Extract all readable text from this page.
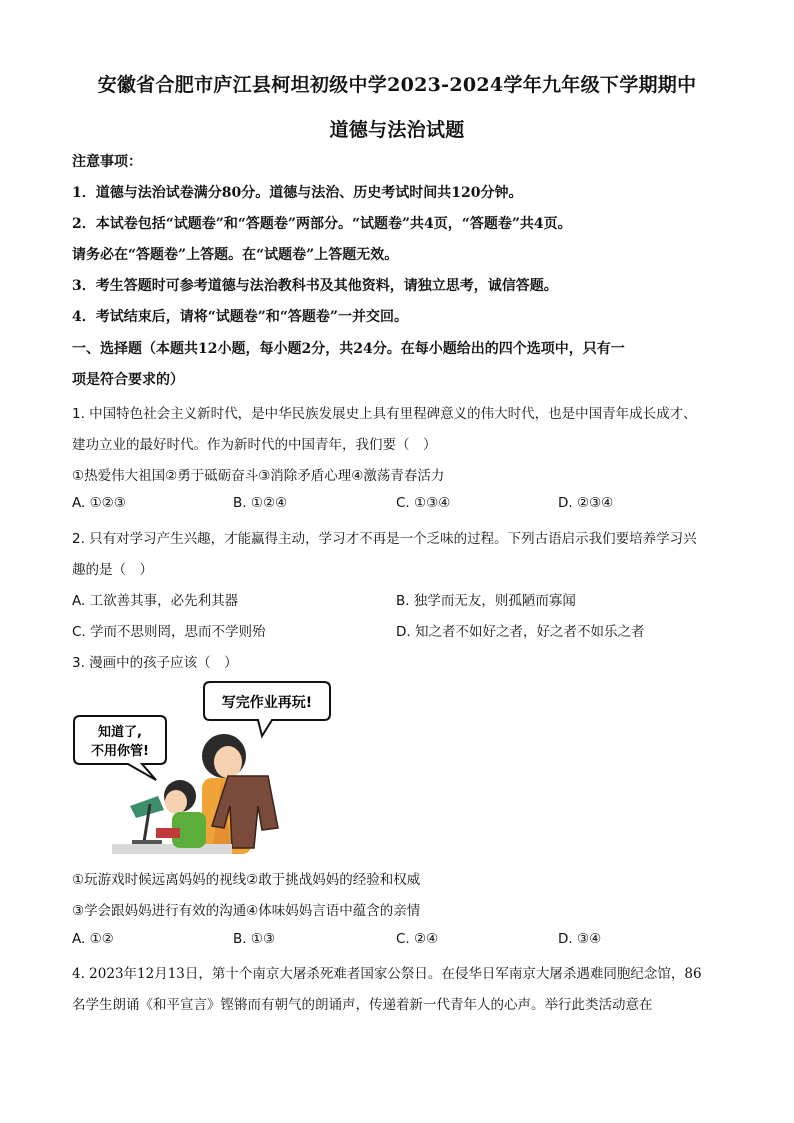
安徽省合肥市庐江县柯坦初级中学2023-2024学年九年级下学期期中
道德与法治试题
注意事项：
1．道德与法治试卷满分80分。道德与法治、历史考试时间共120分钟。
2．本试卷包括“试题卷”和“答题卷”两部分。“试题卷”共4页，“答题卷”共4页。
请务必在“答题卷”上答题。在“试题卷”上答题无效。
3．考生答题时可参考道德与法治教科书及其他资料，请独立思考，诚信答题。
4．考试结束后，请将“试题卷”和“答题卷”一并交回。
一、选择题（本题共12小题，每小题2分，共24分。在每小题给出的四个选项中，只有一
项是符合要求的）
1. 中国特色社会主义新时代，是中华民族发展史上具有里程碑意义的伟大时代，也是中国青年成长成才、
建功立业的最好时代。作为新时代的中国青年，我们要（　）
①热爱伟大祖国②勇于砥砺奋斗③消除矛盾心理④激荡青春活力
A. ①②③	B. ①②④	C. ①③④	D. ②③④
2. 只有对学习产生兴趣，才能赢得主动，学习才不再是一个乏味的过程。下列古语启示我们要培养学习兴
趣的是（　）
A. 工欲善其事，必先利其器	B. 独学而无友，则孤陋而寡闻
C. 学而不思则罔，思而不学则殆	D. 知之者不如好之者，好之者不如乐之者
3. 漫画中的孩子应该（　）
写完作业再玩!
知道了,
不用你管!
①玩游戏时候远离妈妈的视线②敢于挑战妈妈的经验和权威
③学会跟妈妈进行有效的沟通④体味妈妈言语中蕴含的亲情
A. ①②	B. ①③	C. ②④	D. ③④
4. 2023年12月13日，第十个南京大屠杀死难者国家公祭日。在侵华日军南京大屠杀遇难同胞纪念馆，86
名学生朗诵《和平宣言》铿锵而有朝气的朗诵声，传递着新一代青年人的心声。举行此类活动意在
